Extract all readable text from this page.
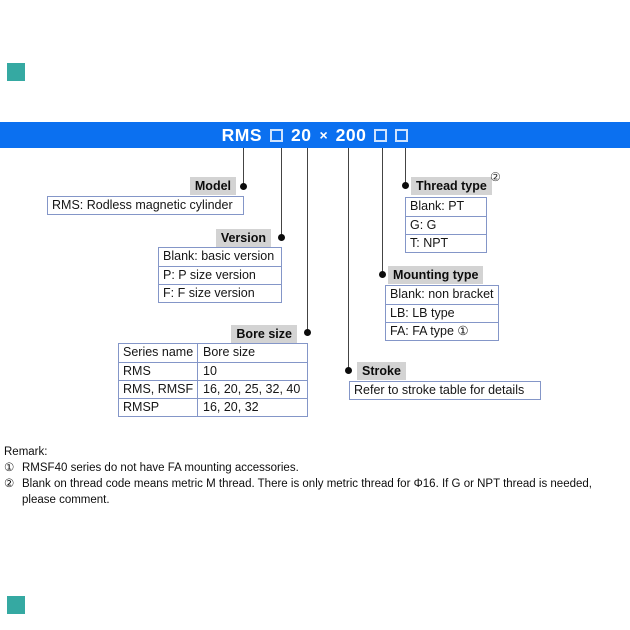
RMS 20 × 200
Model
RMS: Rodless magnetic cylinder
Version
Blank: basic version
P: P size version
F: F size version
Bore size
Series name Bore size
RMS	10
RMS, RMSF 16, 20, 25, 32, 40
RMSP	16, 20, 32
Stroke
Refer to stroke table for details
Mounting type
Blank: non bracket
LB: LB type
FA: FA type ①
Thread type
②
Blank: PT
G: G
T: NPT
Remark:
① RMSF40 series do not have FA mounting accessories.
② Blank on thread code means metric M thread. There is only metric thread for Φ16. If G or NPT thread is needed,
please comment.
